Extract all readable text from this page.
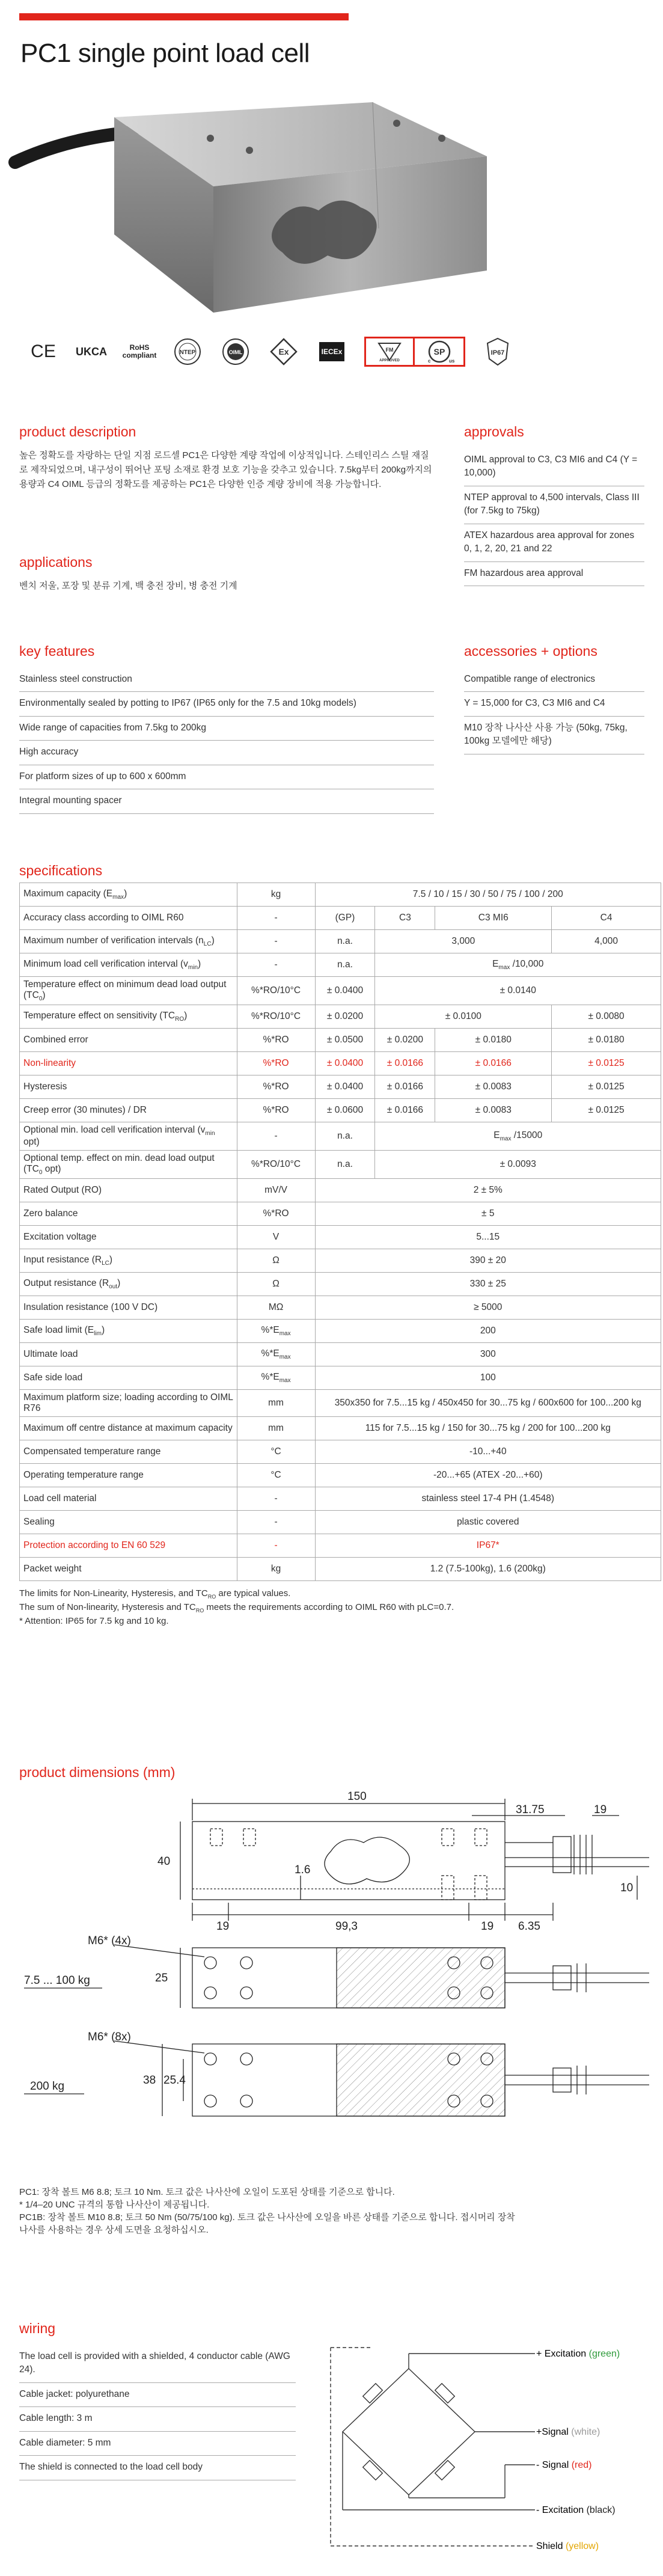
PC1 single point load cell
CE	UKCA	RoHS compliant	NTEP	OIML	Ex	IECEx	FM
APPROVED
SP
c	us
IP67
product description

높은 정확도를 자랑하는 단일 지점 로드셀 PC1은 다양한 계량 작업에 이상적입니다. 스테인리스 스틸 재질로 제작되었으며, 내구성이 뛰어난 포팅 소재로 환경 보호 기능을 갖추고 있습니다. 7.5kg부터 200kg까지의 용량과 C4 OIML 등급의 정확도를 제공하는 PC1은 다양한 인증 계량 장비에 적용 가능합니다.

applications

벤치 저울, 포장 및 분류 기계, 백 충전 장비, 병 충전 기계

approvals
OIML approval to C3, C3 MI6 and C4 (Y = 10,000)
NTEP approval to 4,500 intervals, Class III (for 7.5kg to 75kg)
ATEX hazardous area approval for zones 0, 1, 2, 20, 21 and 22
FM hazardous area approval
key features
Stainless steel construction
Environmentally sealed by potting to IP67 (IP65 only for the 7.5 and 10kg models)
Wide range of capacities from 7.5kg to 200kg
High accuracy
For platform sizes of up to 600 x 600mm
Integral mounting spacer
accessories + options
Compatible range of electronics
Y = 15,000 for C3, C3 MI6 and C4
M10 장착 나사산 사용 가능 (50kg, 75kg, 100kg 모델에만 해당)
specifications
Maximum capacity $(E_{max})$	kg	7.5 / 10 / 15 / 30 / 50 / 75 / 100 / 200			
Accuracy class according to OIML R60	-	(GP)	C3	C3 MI6	C4
Maximum number of verification intervals $(n_{LC})$	-	n.a.	3,000		4,000
Minimum load cell verification interval $(v_{min})$	-	n.a.	$E_{max}$ /10,000		
Temperature effect on minimum dead load output $(TC_0)$	%*RO/10°C	± 0.0400	± 0.0140		
Temperature effect on sensitivity $(TC_{RO})$	%*RO/10°C	± 0.0200	± 0.0100		± 0.0080
Combined error	%*RO	± 0.0500	± 0.0200	± 0.0180	± 0.0180
Non-linearity	%*RO	± 0.0400	± 0.0166	± 0.0166	± 0.0125
Hysteresis	%*RO	± 0.0400	± 0.0166	± 0.0083	± 0.0125
Creep error (30 minutes) / DR	%*RO	± 0.0600	± 0.0166	± 0.0083	± 0.0125
Optional min. load cell verification interval ($v_{min}$ opt)	-	n.a.	$E_{max}$ /15000		
Optional temp. effect on min. dead load output ($TC_0$ opt)	%*RO/10°C	n.a.	± 0.0093		
Rated Output (RO)	mV/V	2 ± 5%			
Zero balance	%*RO	± 5			
Excitation voltage	V	5...15			
Input resistance $(R_{LC})$	Ω	390 ± 20			
Output resistance $(R_{out})$	Ω	330 ± 25			
Insulation resistance (100 V DC)	MΩ	≥ 5000			
Safe load limit $(E_{lim})$	$\%*E_{max}$	200			
Ultimate load	$\%*E_{max}$	300			
Safe side load	$\%*E_{max}$	100			
Maximum platform size; loading according to OIML R76	mm	350x350 for 7.5...15 kg / 450x450 for 30...75 kg / 600x600 for 100...200 kg			
Maximum off centre distance at maximum capacity	mm	115 for 7.5...15 kg / 150 for 30...75 kg / 200 for 100...200 kg			
Compensated temperature range	°C	-10...+40			
Operating temperature range	°C	-20...+65 (ATEX -20...+60)			
Load cell material	-	stainless steel 17-4 PH (1.4548)			
Sealing	-	plastic covered			
Protection according to EN 60 529	-	IP67*			
Packet weight	kg	1.2 (7.5-100kg), 1.6 (200kg)			
The limits for Non-Linearity, Hysteresis, and $TC_{RO}$ are typical values.
The sum of Non-linearity, Hysteresis and $TC_{RO}$ meets the requirements according to OIML R60 with pLC=0.7.
* Attention: IP65 for 7.5 kg and 10 kg.
product dimensions (mm)
150
31.75	19
40
1.6
10
19	99,3	19 6.35
M6* (4x)
7.5 ... 100 kg	25
M6* (8x)
200 kg	38 25.4
PC1: 장착 볼트 M6 8.8; 토크 10 Nm. 토크 값은 나사산에 오일이 도포된 상태를 기준으로 합니다.
* 1/4–20 UNC 규격의 통합 나사산이 제공됩니다.
PC1B: 장착 볼트 M10 8.8; 토크 50 Nm (50/75/100 kg). 토크 값은 나사산에 오일을 바른 상태를 기준으로 합니다. 접시머리 장착 나사를 사용하는 경우 상세 도면을 요청하십시오.
wiring
The load cell is provided with a shielded, 4 conductor cable (AWG 24).
Cable jacket: polyurethane
Cable length: 3 m
Cable diameter: 5 mm
The shield is connected to the load cell body
+ Excitation (green)
+Signal (white)
- Excitation (black)
- Signal (red)
Shield (yellow)
